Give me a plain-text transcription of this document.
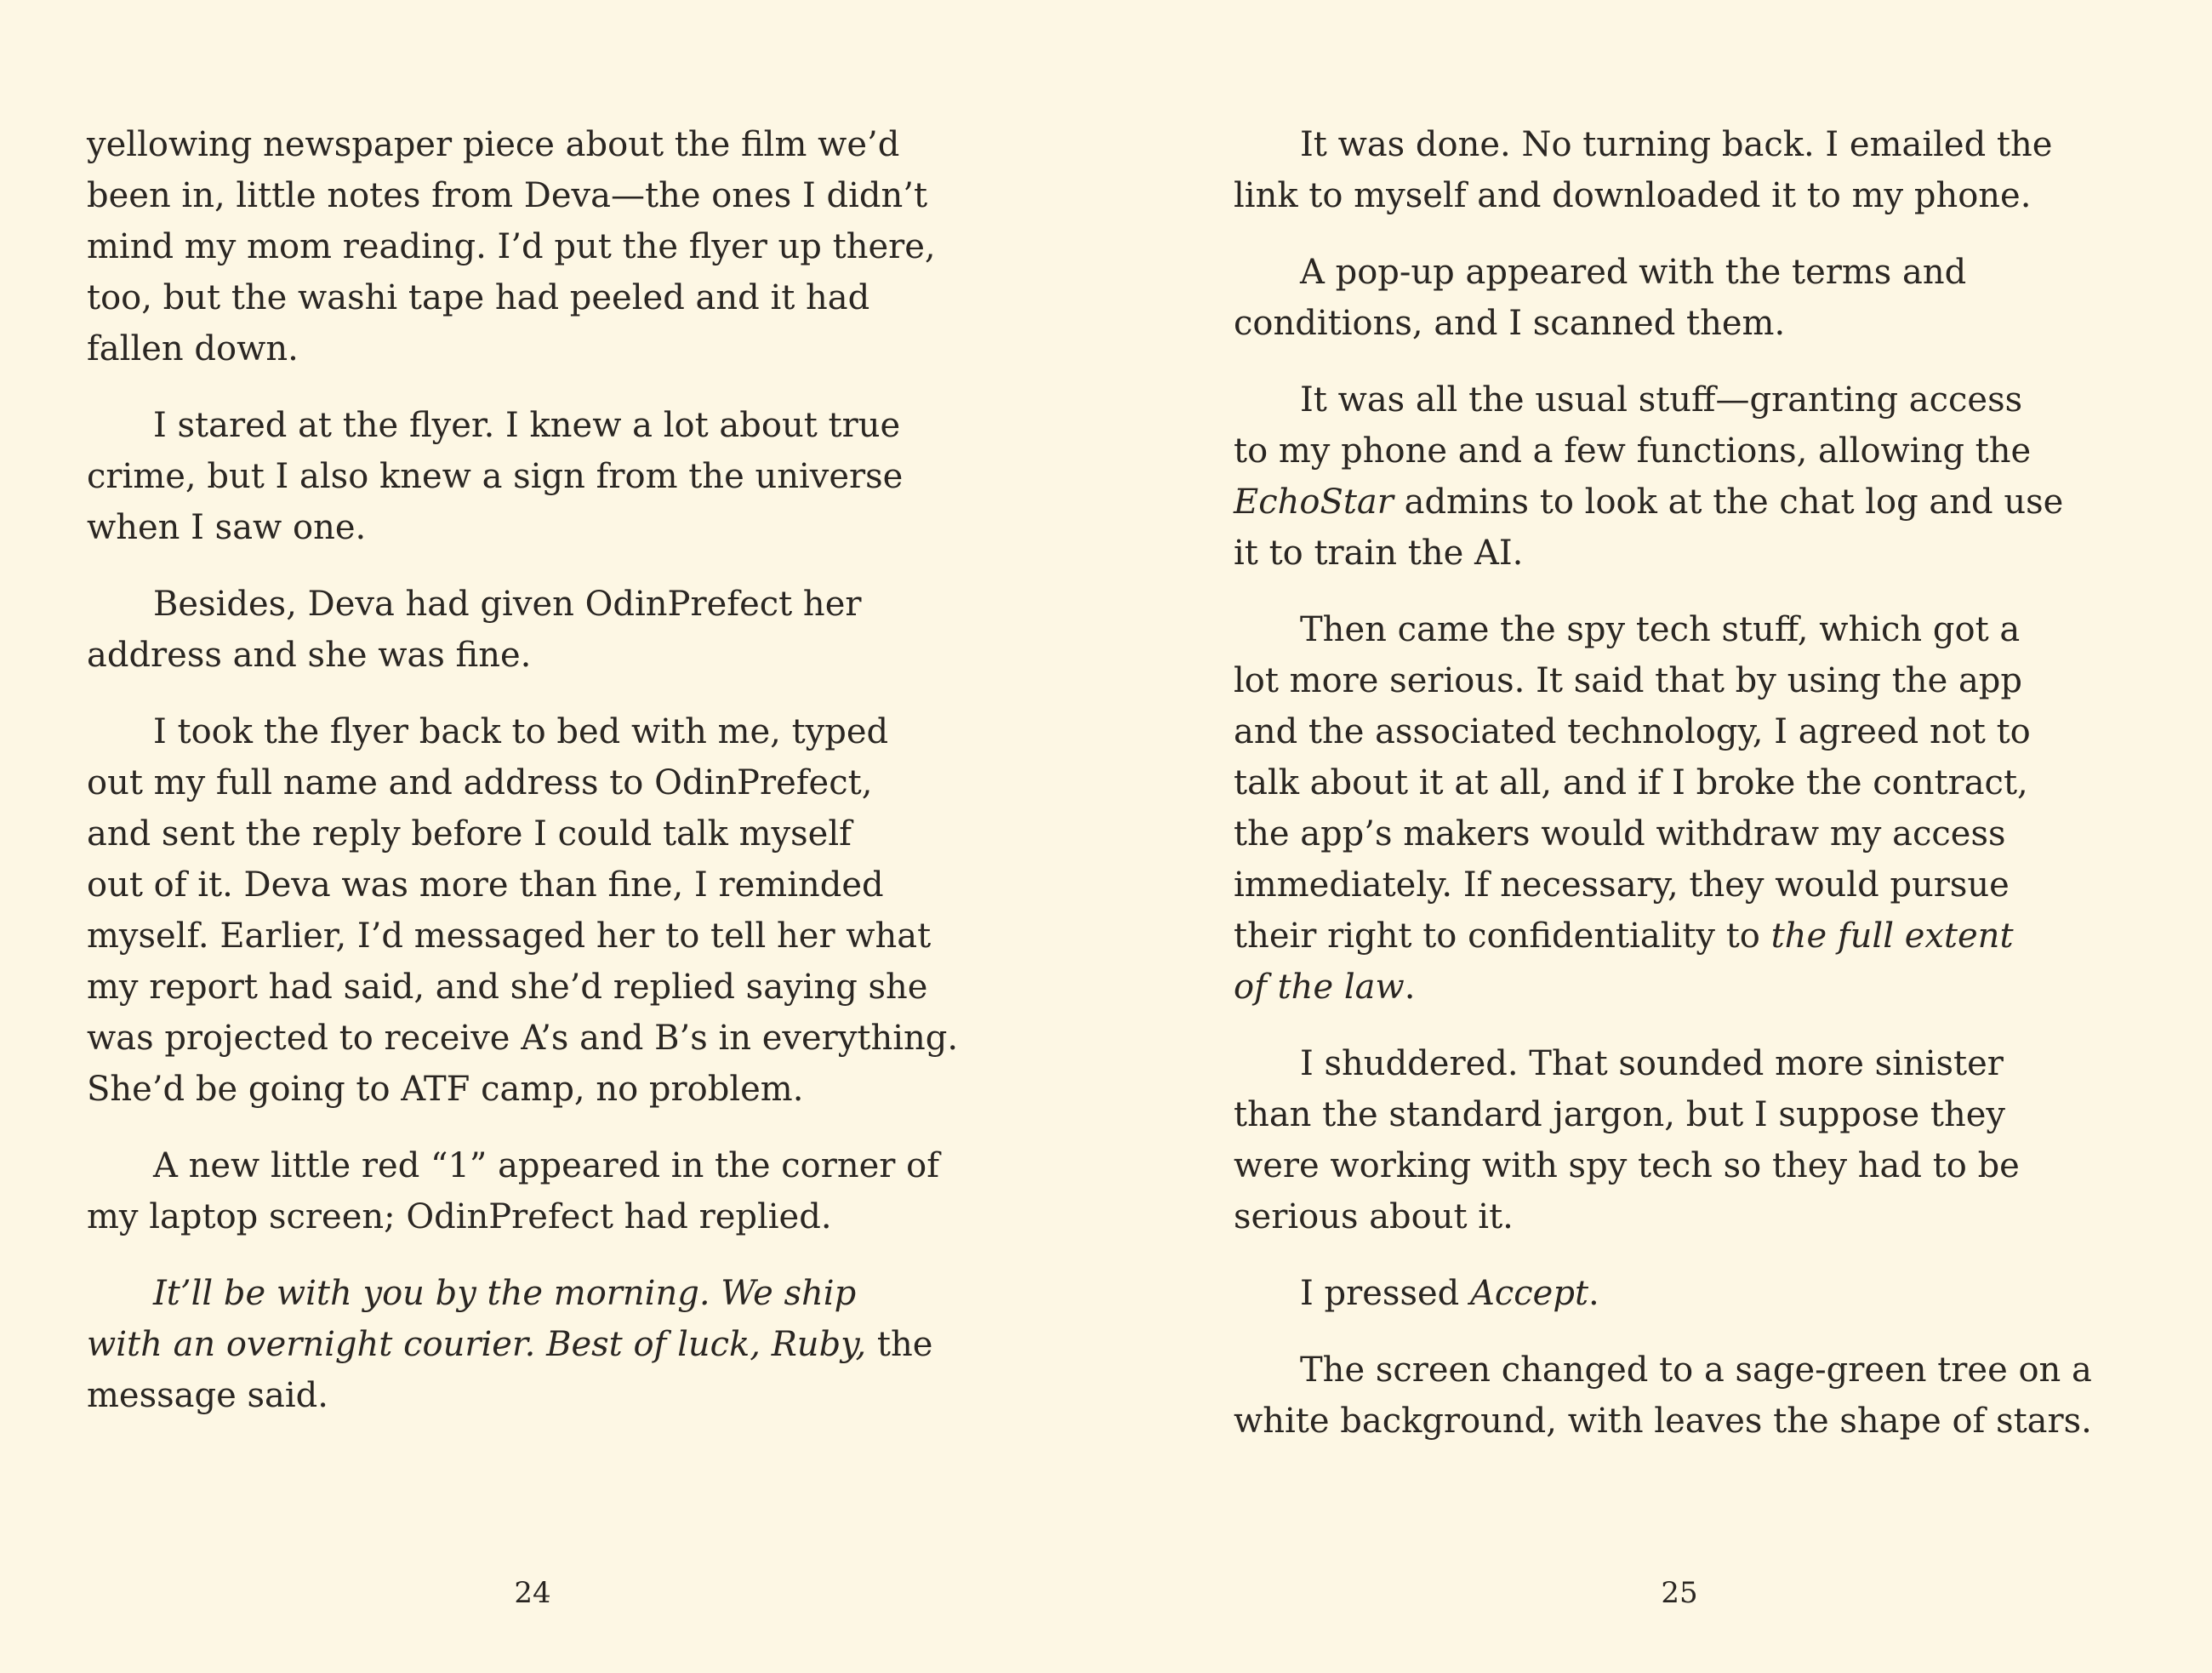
yellowing newspaper piece about the film we’d
been in, little notes from Deva—the ones I didn’t
mind my mom reading. I’d put the flyer up there,
too, but the washi tape had peeled and it had
fallen down.

I stared at the flyer. I knew a lot about true
crime, but I also knew a sign from the universe
when I saw one.

Besides, Deva had given OdinPrefect her
address and she was fine.

I took the flyer back to bed with me, typed
out my full name and address to OdinPrefect,
and sent the reply before I could talk myself
out of it. Deva was more than fine, I reminded
myself. Earlier, I’d messaged her to tell her what
my report had said, and she’d replied saying she
was projected to receive A’s and B’s in everything.
She’d be going to ATF camp, no problem.

A new little red “1” appeared in the corner of
my laptop screen; OdinPrefect had replied.

It’ll be with you by the morning. We ship
with an overnight courier. Best of luck, Ruby, the
message said.

24

It was done. No turning back. I emailed the
link to myself and downloaded it to my phone.

A pop-up appeared with the terms and
conditions, and I scanned them.

It was all the usual stuff—granting access
to my phone and a few functions, allowing the
EchoStar admins to look at the chat log and use
it to train the AI.

Then came the spy tech stuff, which got a
lot more serious. It said that by using the app
and the associated technology, I agreed not to
talk about it at all, and if I broke the contract,
the app’s makers would withdraw my access
immediately. If necessary, they would pursue
their right to confidentiality to the full extent
of the law.

I shuddered. That sounded more sinister
than the standard jargon, but I suppose they
were working with spy tech so they had to be
serious about it.

I pressed Accept.

The screen changed to a sage-green tree on a
white background, with leaves the shape of stars.

25
